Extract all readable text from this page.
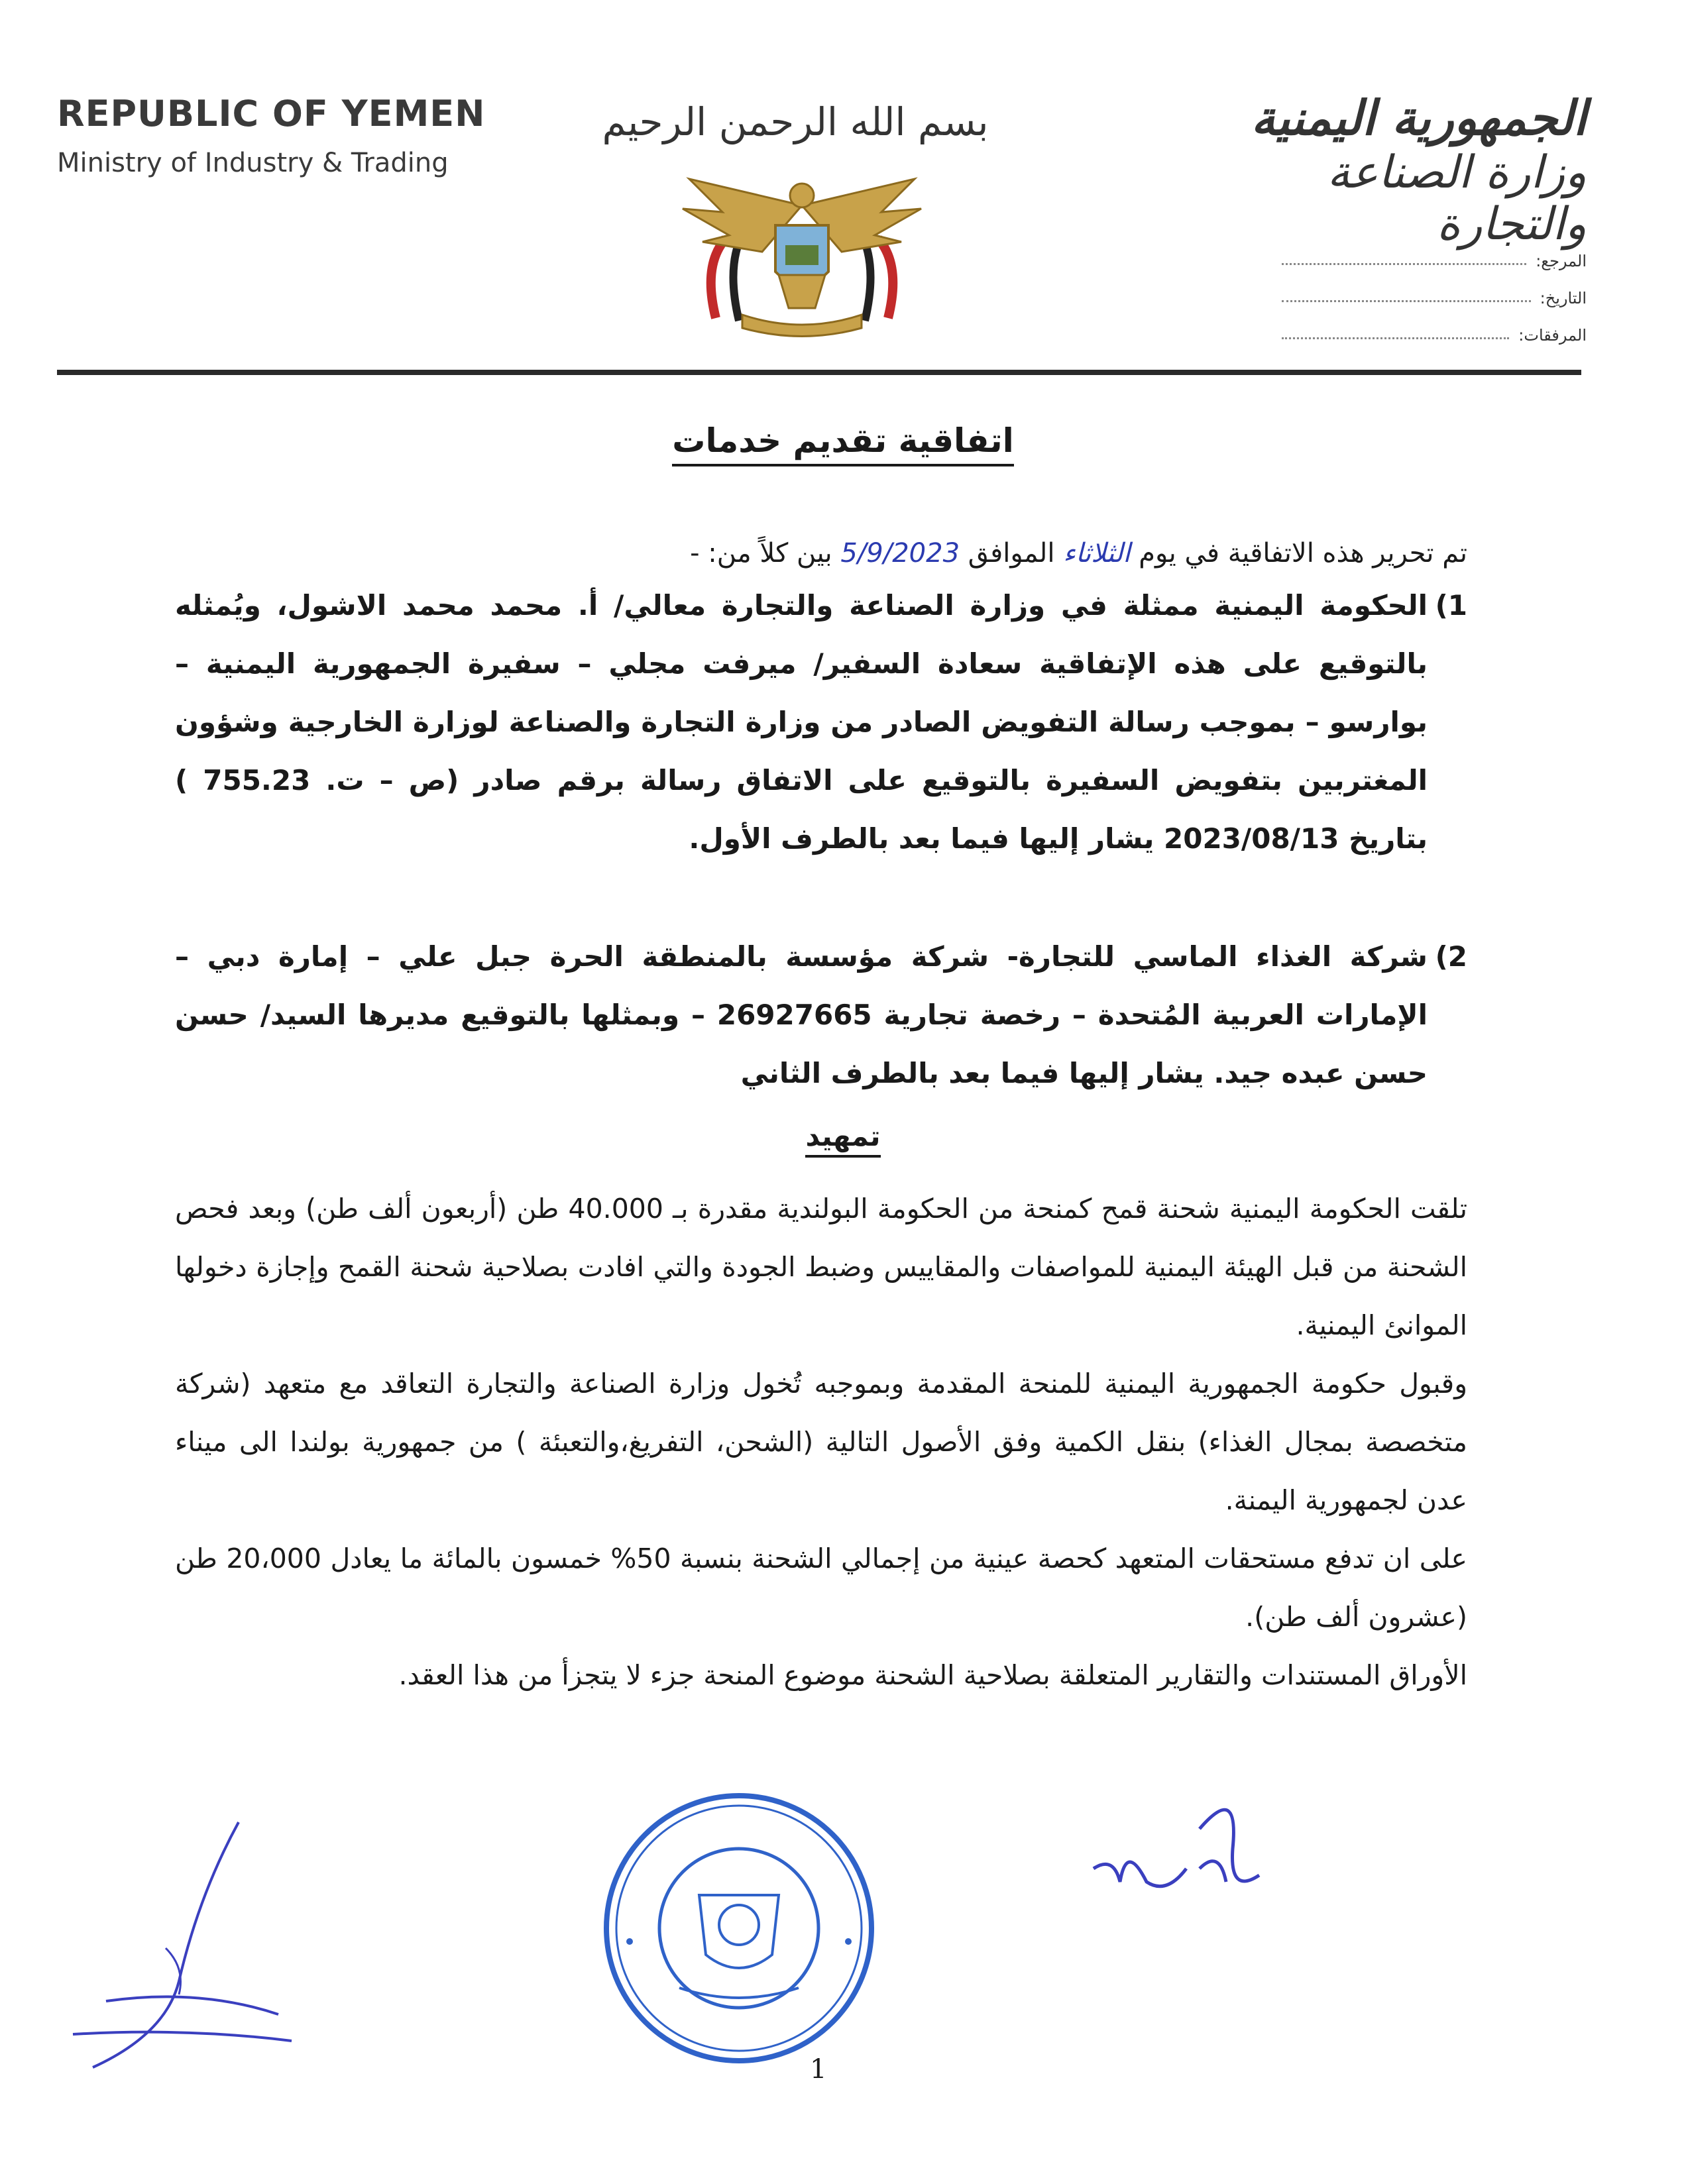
REPUBLIC OF YEMEN
Ministry of Industry & Trading
بسم الله الرحمن الرحيم	الجمهورية اليمنية
وزارة الصناعة والتجارة
المرجع:
التاريخ:
المرفقات:
اتفاقية تقديم خدمات
تم تحرير هذه الاتفاقية في يوم الثلاثاء الموافق 5/9/2023 بين كلاً من: -
1)
الحكومة اليمنية ممثلة في وزارة الصناعة والتجارة معالي/ أ. محمد محمد الاشول، ويُمثله بالتوقيع على هذه الإتفاقية سعادة السفير/ ميرفت مجلي – سفيرة الجمهورية اليمنية – بوارسو – بموجب رسالة التفويض الصادر من وزارة التجارة والصناعة لوزارة الخارجية وشؤون المغتربين بتفويض السفيرة بالتوقيع على الاتفاق رسالة برقم صادر (ص – ت. 755.23 ) بتاريخ 2023/08/13 يشار إليها فيما بعد بالطرف الأول.
2)
شركة الغذاء الماسي للتجارة- شركة مؤسسة بالمنطقة الحرة جبل علي – إمارة دبي – الإمارات العربية المُتحدة – رخصة تجارية 26927665 – وبمثلها بالتوقيع مديرها السيد/ حسن حسن عبده جيد. يشار إليها فيما بعد بالطرف الثاني
تمهيد

تلقت الحكومة اليمنية شحنة قمح كمنحة من الحكومة البولندية مقدرة بـ 40.000 طن (أربعون ألف طن) وبعد فحص الشحنة من قبل الهيئة اليمنية للمواصفات والمقاييس وضبط الجودة والتي افادت بصلاحية شحنة القمح وإجازة دخولها الموانئ اليمنية.

وقبول حكومة الجمهورية اليمنية للمنحة المقدمة وبموجبه تُخول وزارة الصناعة والتجارة التعاقد مع متعهد (شركة متخصصة بمجال الغذاء) بنقل الكمية وفق الأصول التالية (الشحن، التفريغ،والتعبئة ) من جمهورية بولندا الى ميناء عدن لجمهورية اليمنة.

على ان تدفع مستحقات المتعهد كحصة عينية من إجمالي الشحنة بنسبة 50% خمسون بالمائة ما يعادل 20،000 طن (عشرون ألف طن).

الأوراق المستندات والتقارير المتعلقة بصلاحية الشحنة موضوع المنحة جزء لا يتجزأ من هذا العقد.

1
